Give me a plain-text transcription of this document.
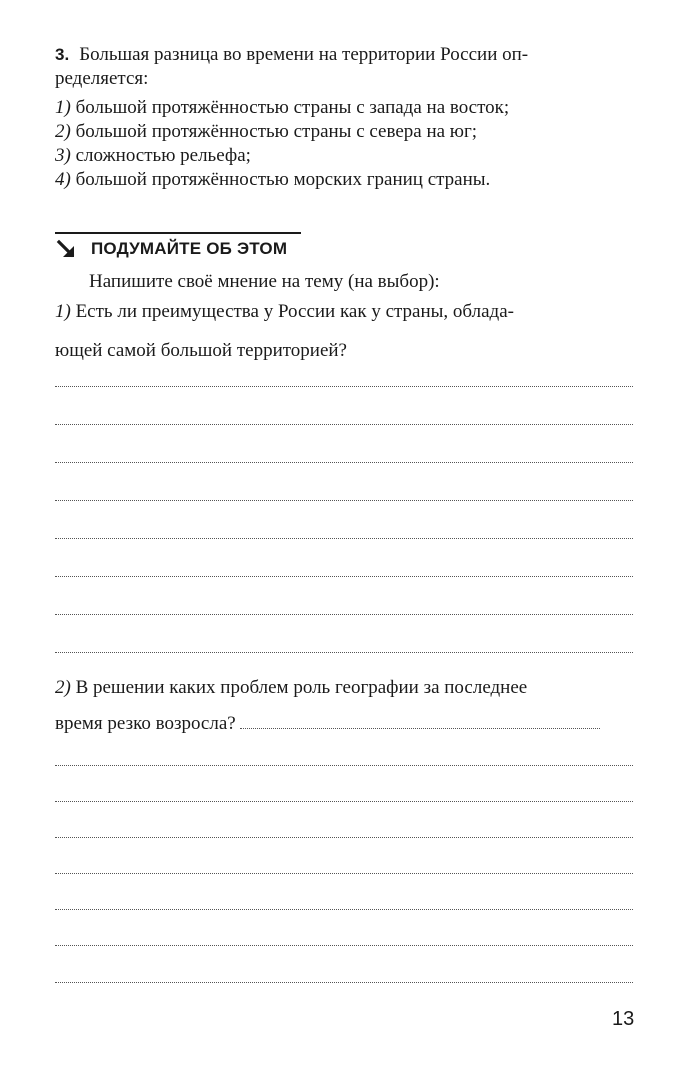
3. Большая разница во времени на территории России оп-
ределяется:
1) большой протяжённостью страны с запада на восток;
2) большой протяжённостью страны с севера на юг;
3) сложностью рельефа;
4) большой протяжённостью морских границ страны.
ПОДУМАЙТЕ ОБ ЭТОМ
Напишите своё мнение на тему (на выбор):
1) Есть ли преимущества у России как у страны, облада-
ющей самой большой территорией?
2) В решении каких проблем роль географии за последнее
время резко возросла?
13
